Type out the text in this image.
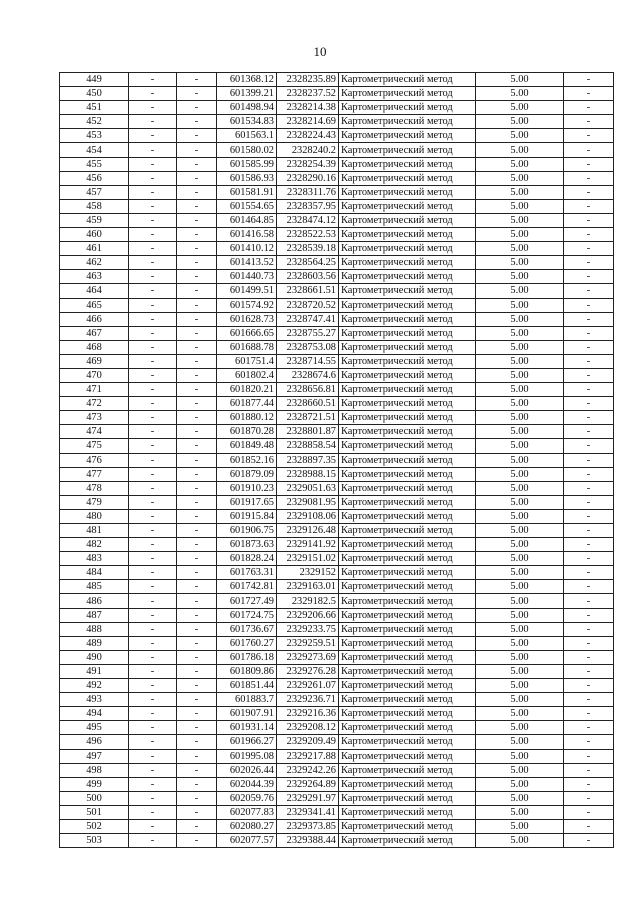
10
449	-	-	601368.12	2328235.89	Картометрический метод	5.00	-
450	-	-	601399.21	2328237.52	Картометрический метод	5.00	-
451	-	-	601498.94	2328214.38	Картометрический метод	5.00	-
452	-	-	601534.83	2328214.69	Картометрический метод	5.00	-
453	-	-	601563.1	2328224.43	Картометрический метод	5.00	-
454	-	-	601580.02	2328240.2	Картометрический метод	5.00	-
455	-	-	601585.99	2328254.39	Картометрический метод	5.00	-
456	-	-	601586.93	2328290.16	Картометрический метод	5.00	-
457	-	-	601581.91	2328311.76	Картометрический метод	5.00	-
458	-	-	601554.65	2328357.95	Картометрический метод	5.00	-
459	-	-	601464.85	2328474.12	Картометрический метод	5.00	-
460	-	-	601416.58	2328522.53	Картометрический метод	5.00	-
461	-	-	601410.12	2328539.18	Картометрический метод	5.00	-
462	-	-	601413.52	2328564.25	Картометрический метод	5.00	-
463	-	-	601440.73	2328603.56	Картометрический метод	5.00	-
464	-	-	601499.51	2328661.51	Картометрический метод	5.00	-
465	-	-	601574.92	2328720.52	Картометрический метод	5.00	-
466	-	-	601628.73	2328747.41	Картометрический метод	5.00	-
467	-	-	601666.65	2328755.27	Картометрический метод	5.00	-
468	-	-	601688.78	2328753.08	Картометрический метод	5.00	-
469	-	-	601751.4	2328714.55	Картометрический метод	5.00	-
470	-	-	601802.4	2328674.6	Картометрический метод	5.00	-
471	-	-	601820.21	2328656.81	Картометрический метод	5.00	-
472	-	-	601877.44	2328660.51	Картометрический метод	5.00	-
473	-	-	601880.12	2328721.51	Картометрический метод	5.00	-
474	-	-	601870.28	2328801.87	Картометрический метод	5.00	-
475	-	-	601849.48	2328858.54	Картометрический метод	5.00	-
476	-	-	601852.16	2328897.35	Картометрический метод	5.00	-
477	-	-	601879.09	2328988.15	Картометрический метод	5.00	-
478	-	-	601910.23	2329051.63	Картометрический метод	5.00	-
479	-	-	601917.65	2329081.95	Картометрический метод	5.00	-
480	-	-	601915.84	2329108.06	Картометрический метод	5.00	-
481	-	-	601906.75	2329126.48	Картометрический метод	5.00	-
482	-	-	601873.63	2329141.92	Картометрический метод	5.00	-
483	-	-	601828.24	2329151.02	Картометрический метод	5.00	-
484	-	-	601763.31	2329152	Картометрический метод	5.00	-
485	-	-	601742.81	2329163.01	Картометрический метод	5.00	-
486	-	-	601727.49	2329182.5	Картометрический метод	5.00	-
487	-	-	601724.75	2329206.66	Картометрический метод	5.00	-
488	-	-	601736.67	2329233.75	Картометрический метод	5.00	-
489	-	-	601760.27	2329259.51	Картометрический метод	5.00	-
490	-	-	601786.18	2329273.69	Картометрический метод	5.00	-
491	-	-	601809.86	2329276.28	Картометрический метод	5.00	-
492	-	-	601851.44	2329261.07	Картометрический метод	5.00	-
493	-	-	601883.7	2329236.71	Картометрический метод	5.00	-
494	-	-	601907.91	2329216.36	Картометрический метод	5.00	-
495	-	-	601931.14	2329208.12	Картометрический метод	5.00	-
496	-	-	601966.27	2329209.49	Картометрический метод	5.00	-
497	-	-	601995.08	2329217.88	Картометрический метод	5.00	-
498	-	-	602026.44	2329242.26	Картометрический метод	5.00	-
499	-	-	602044.39	2329264.89	Картометрический метод	5.00	-
500	-	-	602059.76	2329291.97	Картометрический метод	5.00	-
501	-	-	602077.83	2329341.41	Картометрический метод	5.00	-
502	-	-	602080.27	2329373.85	Картометрический метод	5.00	-
503	-	-	602077.57	2329388.44	Картометрический метод	5.00	-
